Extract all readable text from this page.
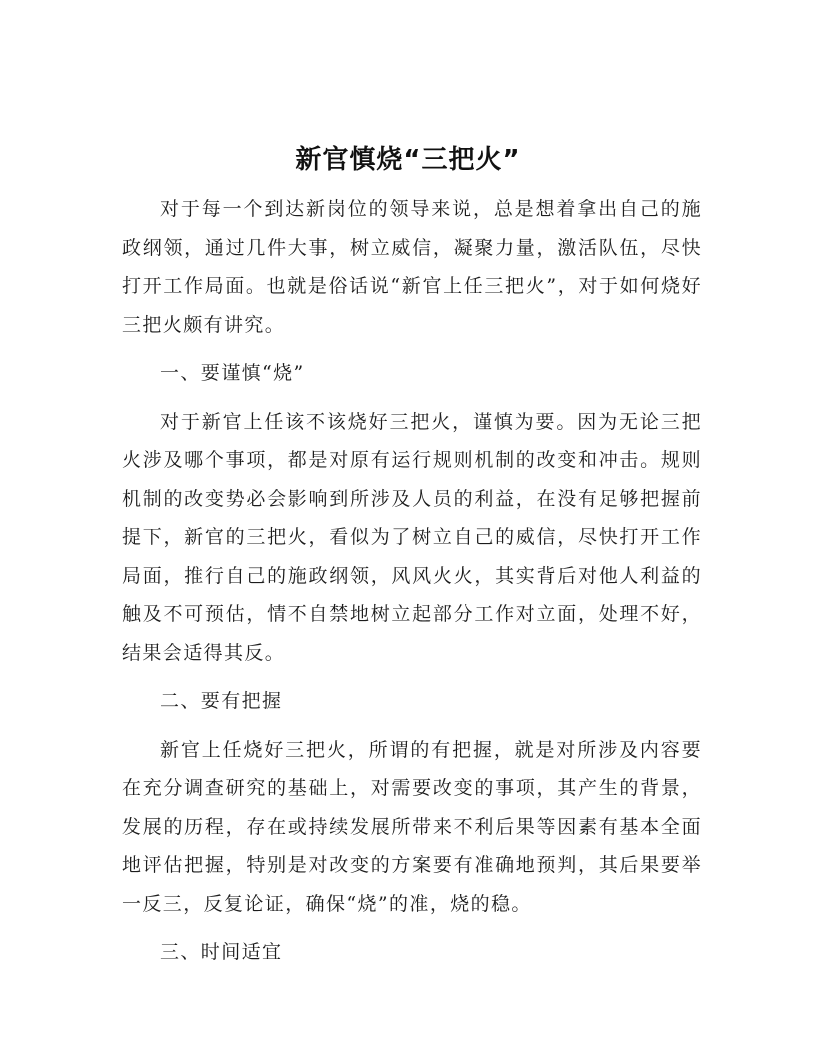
新官慎烧“三把火”

对于每一个到达新岗位的领导来说，总是想着拿出自己的施政纲领，通过几件大事，树立威信，凝聚力量，激活队伍，尽快打开工作局面。也就是俗话说“新官上任三把火”，对于如何烧好三把火颇有讲究。

一、要谨慎“烧”

对于新官上任该不该烧好三把火，谨慎为要。因为无论三把火涉及哪个事项，都是对原有运行规则机制的改变和冲击。规则机制的改变势必会影响到所涉及人员的利益，在没有足够把握前提下，新官的三把火，看似为了树立自己的威信，尽快打开工作局面，推行自己的施政纲领，风风火火，其实背后对他人利益的触及不可预估，情不自禁地树立起部分工作对立面，处理不好，结果会适得其反。

二、要有把握

新官上任烧好三把火，所谓的有把握，就是对所涉及内容要在充分调查研究的基础上，对需要改变的事项，其产生的背景，发展的历程，存在或持续发展所带来不利后果等因素有基本全面地评估把握，特别是对改变的方案要有准确地预判，其后果要举一反三，反复论证，确保“烧”的准，烧的稳。

三、时间适宜
